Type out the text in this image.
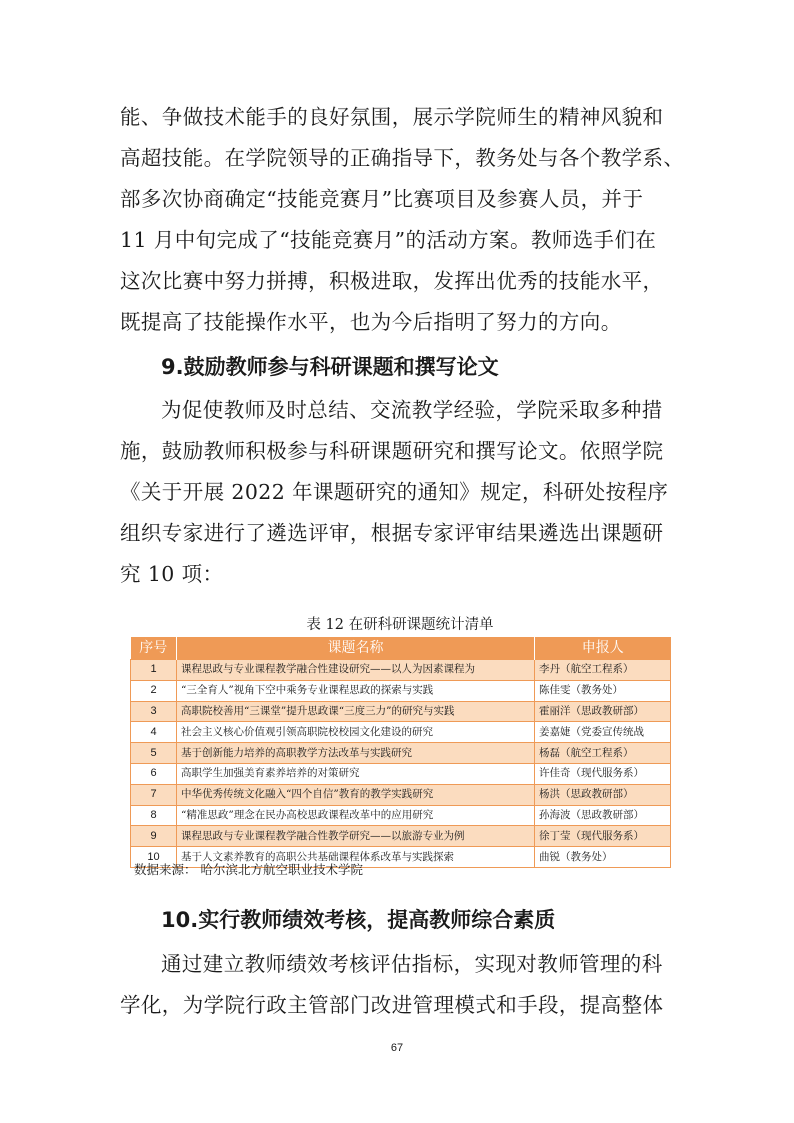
能、争做技术能手的良好氛围，展示学院师生的精神风貌和
高超技能。在学院领导的正确指导下，教务处与各个教学系、
部多次协商确定“技能竞赛月”比赛项目及参赛人员，并于
11 月中旬完成了“技能竞赛月”的活动方案。教师选手们在
这次比赛中努力拼搏，积极进取，发挥出优秀的技能水平，
既提高了技能操作水平，也为今后指明了努力的方向。
9.鼓励教师参与科研课题和撰写论文
为促使教师及时总结、交流教学经验，学院采取多种措
施，鼓励教师积极参与科研课题研究和撰写论文。依照学院
《关于开展 2022 年课题研究的通知》规定，科研处按程序
组织专家进行了遴选评审，根据专家评审结果遴选出课题研
究 10 项：
表 12 在研科研课题统计清单
序号	课题名称	申报人
1	课程思政与专业课程教学融合性建设研究——以人为因素课程为	李丹（航空工程系）
2	“三全育人”视角下空中乘务专业课程思政的探索与实践	陈佳雯（教务处）
3	高职院校善用“三课堂”提升思政课“三度三力”的研究与实践	霍丽洋（思政教研部）
4	社会主义核心价值观引领高职院校校园文化建设的研究	姜嘉婕（党委宣传统战
5	基于创新能力培养的高职教学方法改革与实践研究	杨磊（航空工程系）
6	高职学生加强美育素养培养的对策研究	许佳奇（现代服务系）
7	中华优秀传统文化融入“四个自信”教育的教学实践研究	杨洪（思政教研部）
8	“精准思政”理念在民办高校思政课程改革中的应用研究	孙海波（思政教研部）
9	课程思政与专业课程教学融合性教学研究——以旅游专业为例	徐丁莹（现代服务系）
10	基于人文素养教育的高职公共基础课程体系改革与实践探索	曲锐（教务处）
数据来源： 哈尔滨北方航空职业技术学院
10.实行教师绩效考核，提高教师综合素质
通过建立教师绩效考核评估指标，实现对教师管理的科
学化，为学院行政主管部门改进管理模式和手段，提高整体
67
